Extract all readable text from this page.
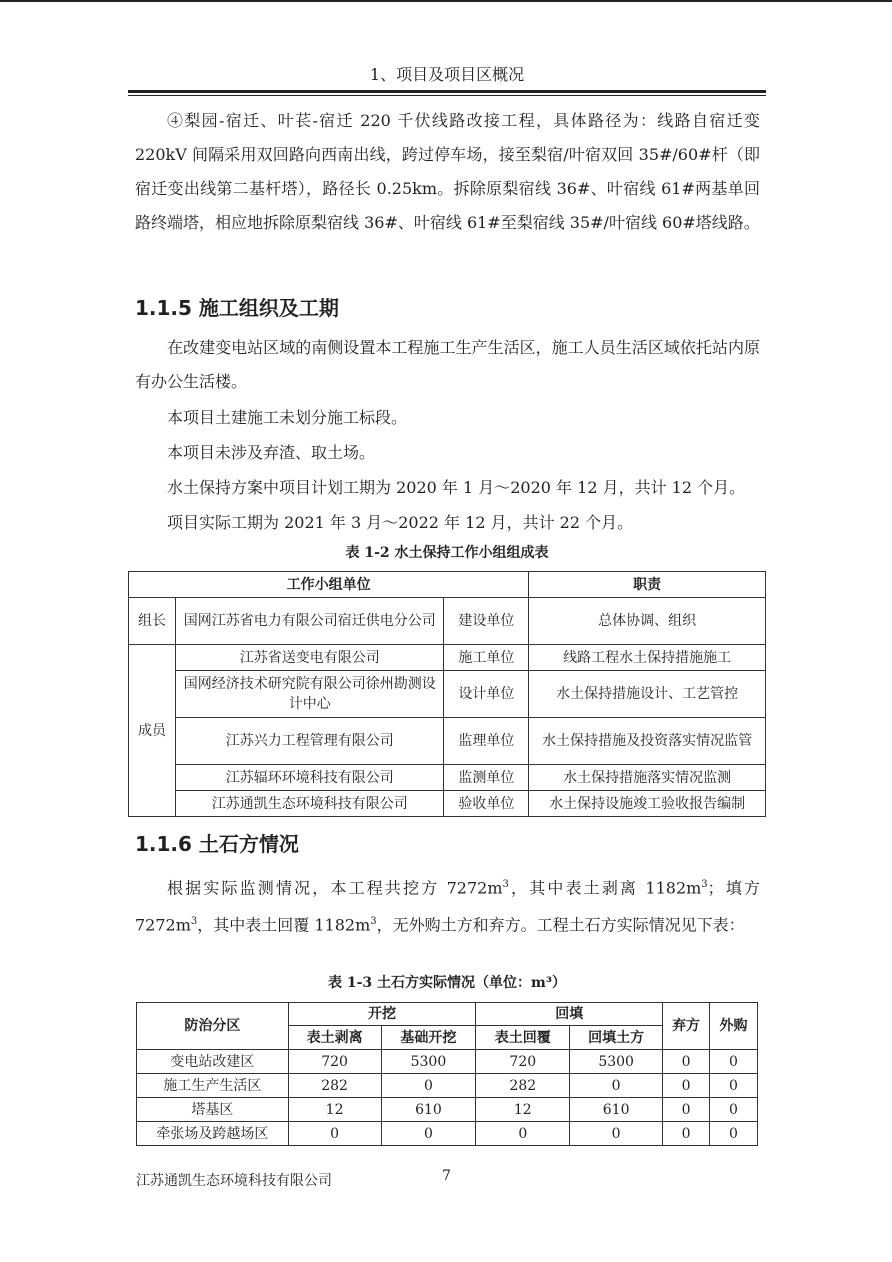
1、项目及项目区概况
④梨园-宿迁、叶苌-宿迁 220 千伏线路改接工程，具体路径为：线路自宿迁变 220kV 间隔采用双回路向西南出线，跨过停车场，接至梨宿/叶宿双回 35#/60#杆（即宿迁变出线第二基杆塔），路径长 0.25km。拆除原梨宿线 36#、叶宿线 61#两基单回路终端塔，相应地拆除原梨宿线 36#、叶宿线 61#至梨宿线 35#/叶宿线 60#塔线路。
1.1.5 施工组织及工期
在改建变电站区域的南侧设置本工程施工生产生活区，施工人员生活区域依托站内原有办公生活楼。
本项目土建施工未划分施工标段。
本项目未涉及弃渣、取土场。
水土保持方案中项目计划工期为 2020 年 1 月～2020 年 12 月，共计 12 个月。
项目实际工期为 2021 年 3 月～2022 年 12 月，共计 22 个月。
表 1-2 水土保持工作小组组成表
工作小组单位			职责
组长	国网江苏省电力有限公司宿迁供电分公司	建设单位	总体协调、组织
成员	江苏省送变电有限公司	施工单位	线路工程水土保持措施施工
	国网经济技术研究院有限公司徐州勘测设计中心	设计单位	水土保持措施设计、工艺管控
	江苏兴力工程管理有限公司	监理单位	水土保持措施及投资落实情况监管
	江苏辐环环境科技有限公司	监测单位	水土保持措施落实情况监测
	江苏通凯生态环境科技有限公司	验收单位	水土保持设施竣工验收报告编制
1.1.6 土石方情况
根据实际监测情况，本工程共挖方 $7272m^3$，其中表土剥离 $1182m^3$；填方 $7272m^3$，其中表土回覆 $1182m^3$，无外购土方和弃方。工程土石方实际情况见下表：
表 1-3 土石方实际情况（单位：m³）
防治分区	开挖		回填		弃方	外购
	表土剥离	基础开挖	表土回覆	回填土方		
变电站改建区	720	5300	720	5300	0	0
施工生产生活区	282	0	282	0	0	0
塔基区	12	610	12	610	0	0
牵张场及跨越场区	0	0	0	0	0	0
江苏通凯生态环境科技有限公司	7
